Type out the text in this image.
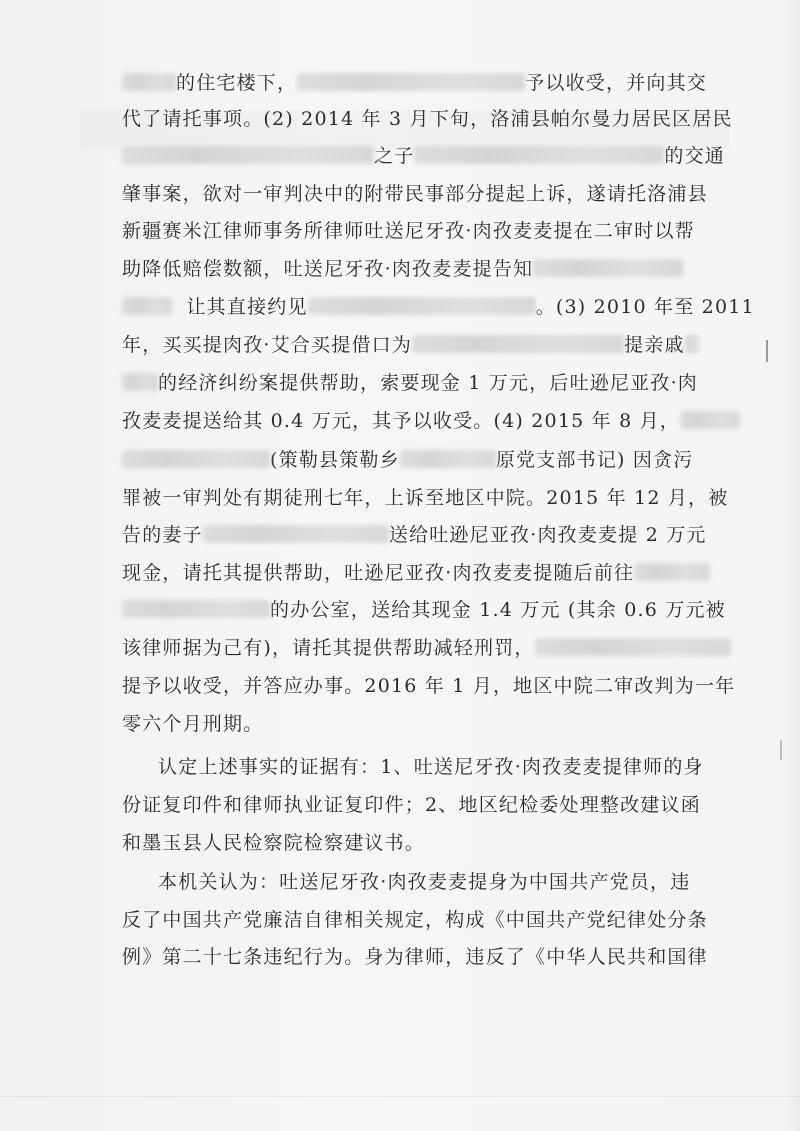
的住宅楼下，	予以收受，并向其交
代了请托事项。(2) 2014 年 3 月下旬，洛浦县帕尔曼力居民区居民
之子	的交通
肇事案，欲对一审判决中的附带民事部分提起上诉，遂请托洛浦县
新疆赛米江律师事务所律师吐送尼牙孜·肉孜麦麦提在二审时以帮
助降低赔偿数额，吐送尼牙孜·肉孜麦麦提告知
让其直接约见	。(3) 2010 年至 2011
年，买买提肉孜·艾合买提借口为	提亲戚
的经济纠纷案提供帮助，索要现金 1 万元，后吐逊尼亚孜·肉
孜麦麦提送给其 0.4 万元，其予以收受。(4) 2015 年 8 月，
(策勒县策勒乡	原党支部书记) 因贪污
罪被一审判处有期徒刑七年，上诉至地区中院。2015 年 12 月，被
告的妻子	送给吐逊尼亚孜·肉孜麦麦提 2 万元
现金，请托其提供帮助，吐逊尼亚孜·肉孜麦麦提随后前往
的办公室，送给其现金 1.4 万元 (其余 0.6 万元被
该律师据为己有)，请托其提供帮助减轻刑罚，
提予以收受，并答应办事。2016 年 1 月，地区中院二审改判为一年
零六个月刑期。
认定上述事实的证据有：1、吐送尼牙孜·肉孜麦麦提律师的身
份证复印件和律师执业证复印件；2、地区纪检委处理整改建议函
和墨玉县人民检察院检察建议书。
本机关认为：吐送尼牙孜·肉孜麦麦提身为中国共产党员，违
反了中国共产党廉洁自律相关规定，构成《中国共产党纪律处分条
例》第二十七条违纪行为。身为律师，违反了《中华人民共和国律
